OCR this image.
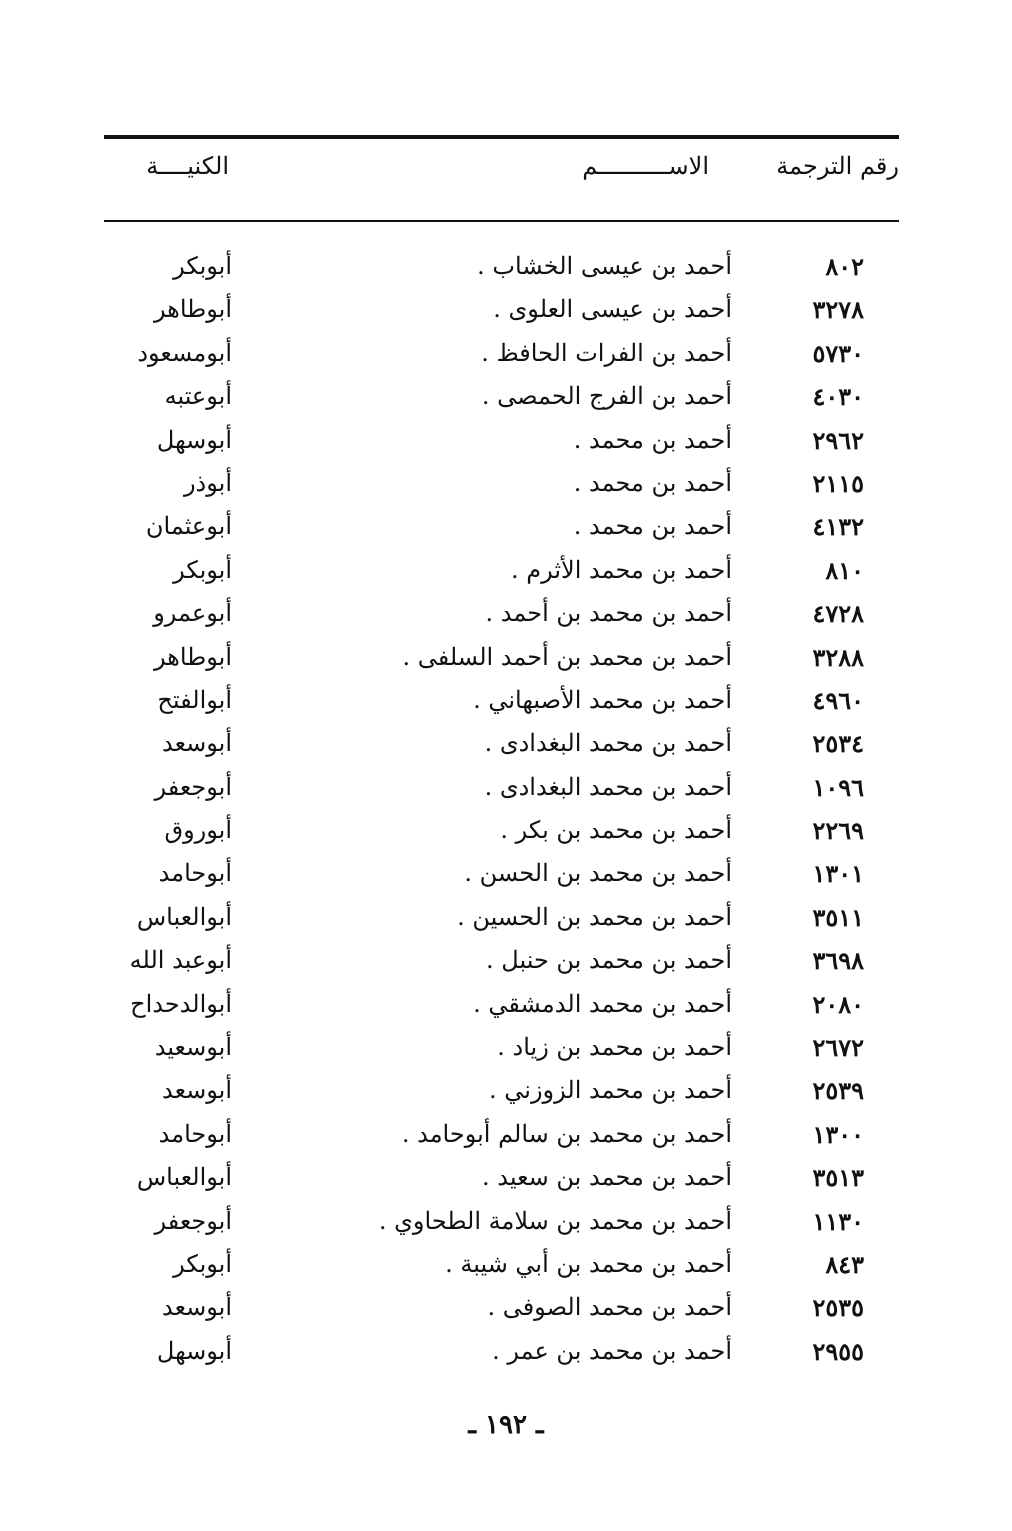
رقم الترجمة
الاســــــــــم
الكنيــــة
٨٠٢
أحمد بن عيسى الخشاب .
أبوبكر
٣٢٧٨
أحمد بن عيسى العلوى .
أبوطاهر
٥٧٣٠
أحمد بن الفرات الحافظ .
أبومسعود
٤٠٣٠
أحمد بن الفرج الحمصى .
أبوعتبه
٢٩٦٢
أحمد بن محمد .
أبوسهل
٢١١٥
أحمد بن محمد .
أبوذر
٤١٣٢
أحمد بن محمد .
أبوعثمان
٨١٠
أحمد بن محمد الأثرم .
أبوبكر
٤٧٢٨
أحمد بن محمد بن أحمد .
أبوعمرو
٣٢٨٨
أحمد بن محمد بن أحمد السلفى .
أبوطاهر
٤٩٦٠
أحمد بن محمد الأصبهاني .
أبوالفتح
٢٥٣٤
أحمد بن محمد البغدادى .
أبوسعد
١٠٩٦
أحمد بن محمد البغدادى .
أبوجعفر
٢٢٦٩
أحمد بن محمد بن بكر .
أبوروق
١٣٠١
أحمد بن محمد بن الحسن .
أبوحامد
٣٥١١
أحمد بن محمد بن الحسين .
أبوالعباس
٣٦٩٨
أحمد بن محمد بن حنبل .
أبوعبد الله
٢٠٨٠
أحمد بن محمد الدمشقي .
أبوالدحداح
٢٦٧٢
أحمد بن محمد بن زياد .
أبوسعيد
٢٥٣٩
أحمد بن محمد الزوزني .
أبوسعد
١٣٠٠
أحمد بن محمد بن سالم أبوحامد .
أبوحامد
٣٥١٣
أحمد بن محمد بن سعيد .
أبوالعباس
١١٣٠
أحمد بن محمد بن سلامة الطحاوي .
أبوجعفر
٨٤٣
أحمد بن محمد بن أبي شيبة .
أبوبكر
٢٥٣٥
أحمد بن محمد الصوفى .
أبوسعد
٢٩٥٥
أحمد بن محمد بن عمر .
أبوسهل
ـ ١٩٢ ـ
